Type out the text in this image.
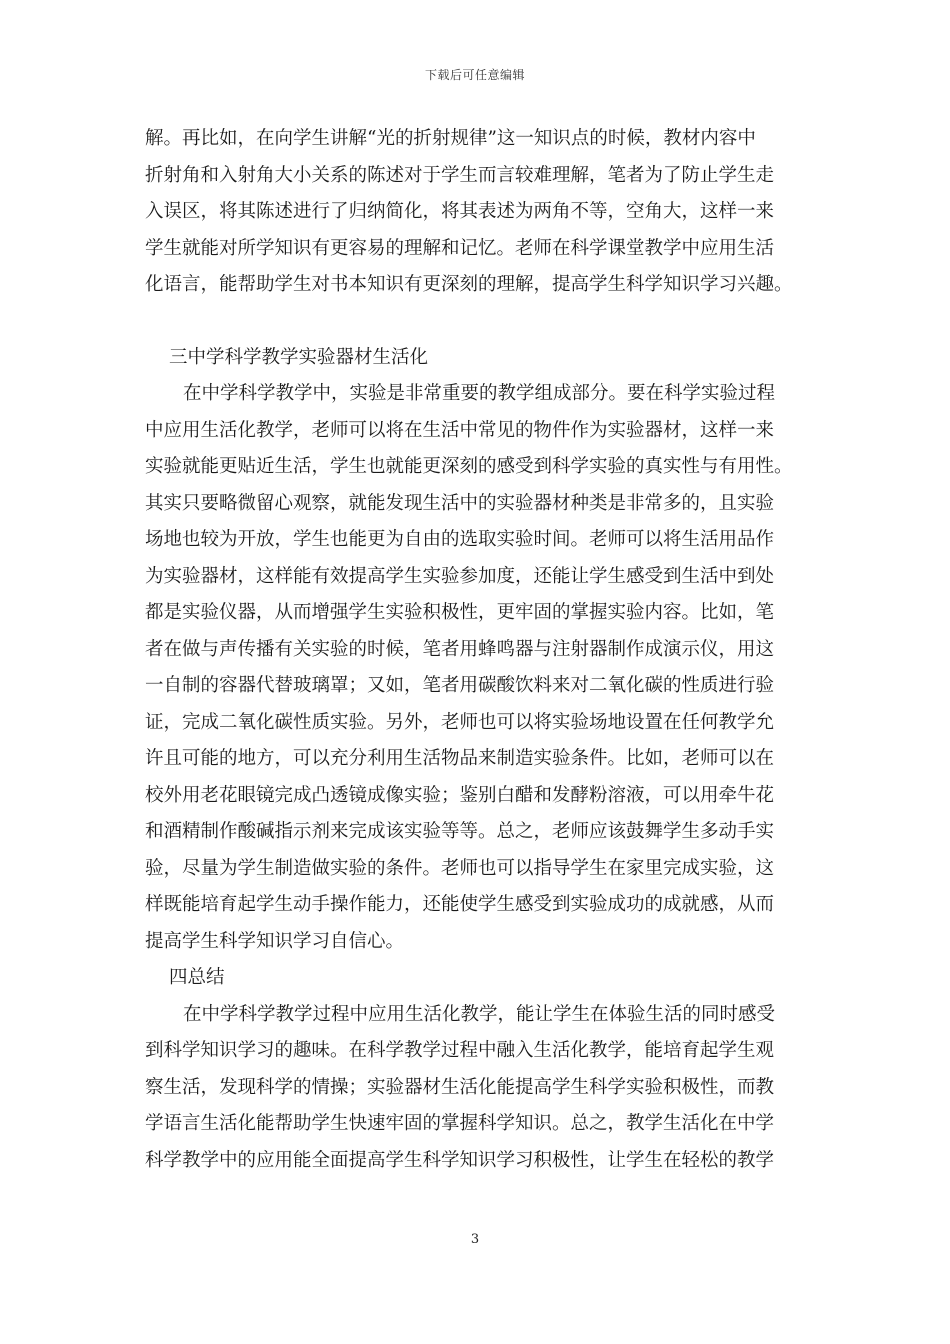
下载后可任意编辑
解。再比如，在向学生讲解“光的折射规律”这一知识点的时候，教材内容中
折射角和入射角大小关系的陈述对于学生而言较难理解，笔者为了防止学生走
入误区，将其陈述进行了归纳简化，将其表述为两角不等，空角大，这样一来
学生就能对所学知识有更容易的理解和记忆。老师在科学课堂教学中应用生活
化语言，能帮助学生对书本知识有更深刻的理解，提高学生科学知识学习兴趣。
三中学科学教学实验器材生活化
在中学科学教学中，实验是非常重要的教学组成部分。要在科学实验过程
中应用生活化教学，老师可以将在生活中常见的物件作为实验器材，这样一来
实验就能更贴近生活，学生也就能更深刻的感受到科学实验的真实性与有用性。
其实只要略微留心观察，就能发现生活中的实验器材种类是非常多的，且实验
场地也较为开放，学生也能更为自由的选取实验时间。老师可以将生活用品作
为实验器材，这样能有效提高学生实验参加度，还能让学生感受到生活中到处
都是实验仪器，从而增强学生实验积极性，更牢固的掌握实验内容。比如，笔
者在做与声传播有关实验的时候，笔者用蜂鸣器与注射器制作成演示仪，用这
一自制的容器代替玻璃罩；又如，笔者用碳酸饮料来对二氧化碳的性质进行验
证，完成二氧化碳性质实验。另外，老师也可以将实验场地设置在任何教学允
许且可能的地方，可以充分利用生活物品来制造实验条件。比如，老师可以在
校外用老花眼镜完成凸透镜成像实验；鉴别白醋和发酵粉溶液，可以用牵牛花
和酒精制作酸碱指示剂来完成该实验等等。总之，老师应该鼓舞学生多动手实
验，尽量为学生制造做实验的条件。老师也可以指导学生在家里完成实验，这
样既能培育起学生动手操作能力，还能使学生感受到实验成功的成就感，从而
提高学生科学知识学习自信心。
四总结
在中学科学教学过程中应用生活化教学，能让学生在体验生活的同时感受
到科学知识学习的趣味。在科学教学过程中融入生活化教学，能培育起学生观
察生活，发现科学的情操；实验器材生活化能提高学生科学实验积极性，而教
学语言生活化能帮助学生快速牢固的掌握科学知识。总之，教学生活化在中学
科学教学中的应用能全面提高学生科学知识学习积极性，让学生在轻松的教学
3
